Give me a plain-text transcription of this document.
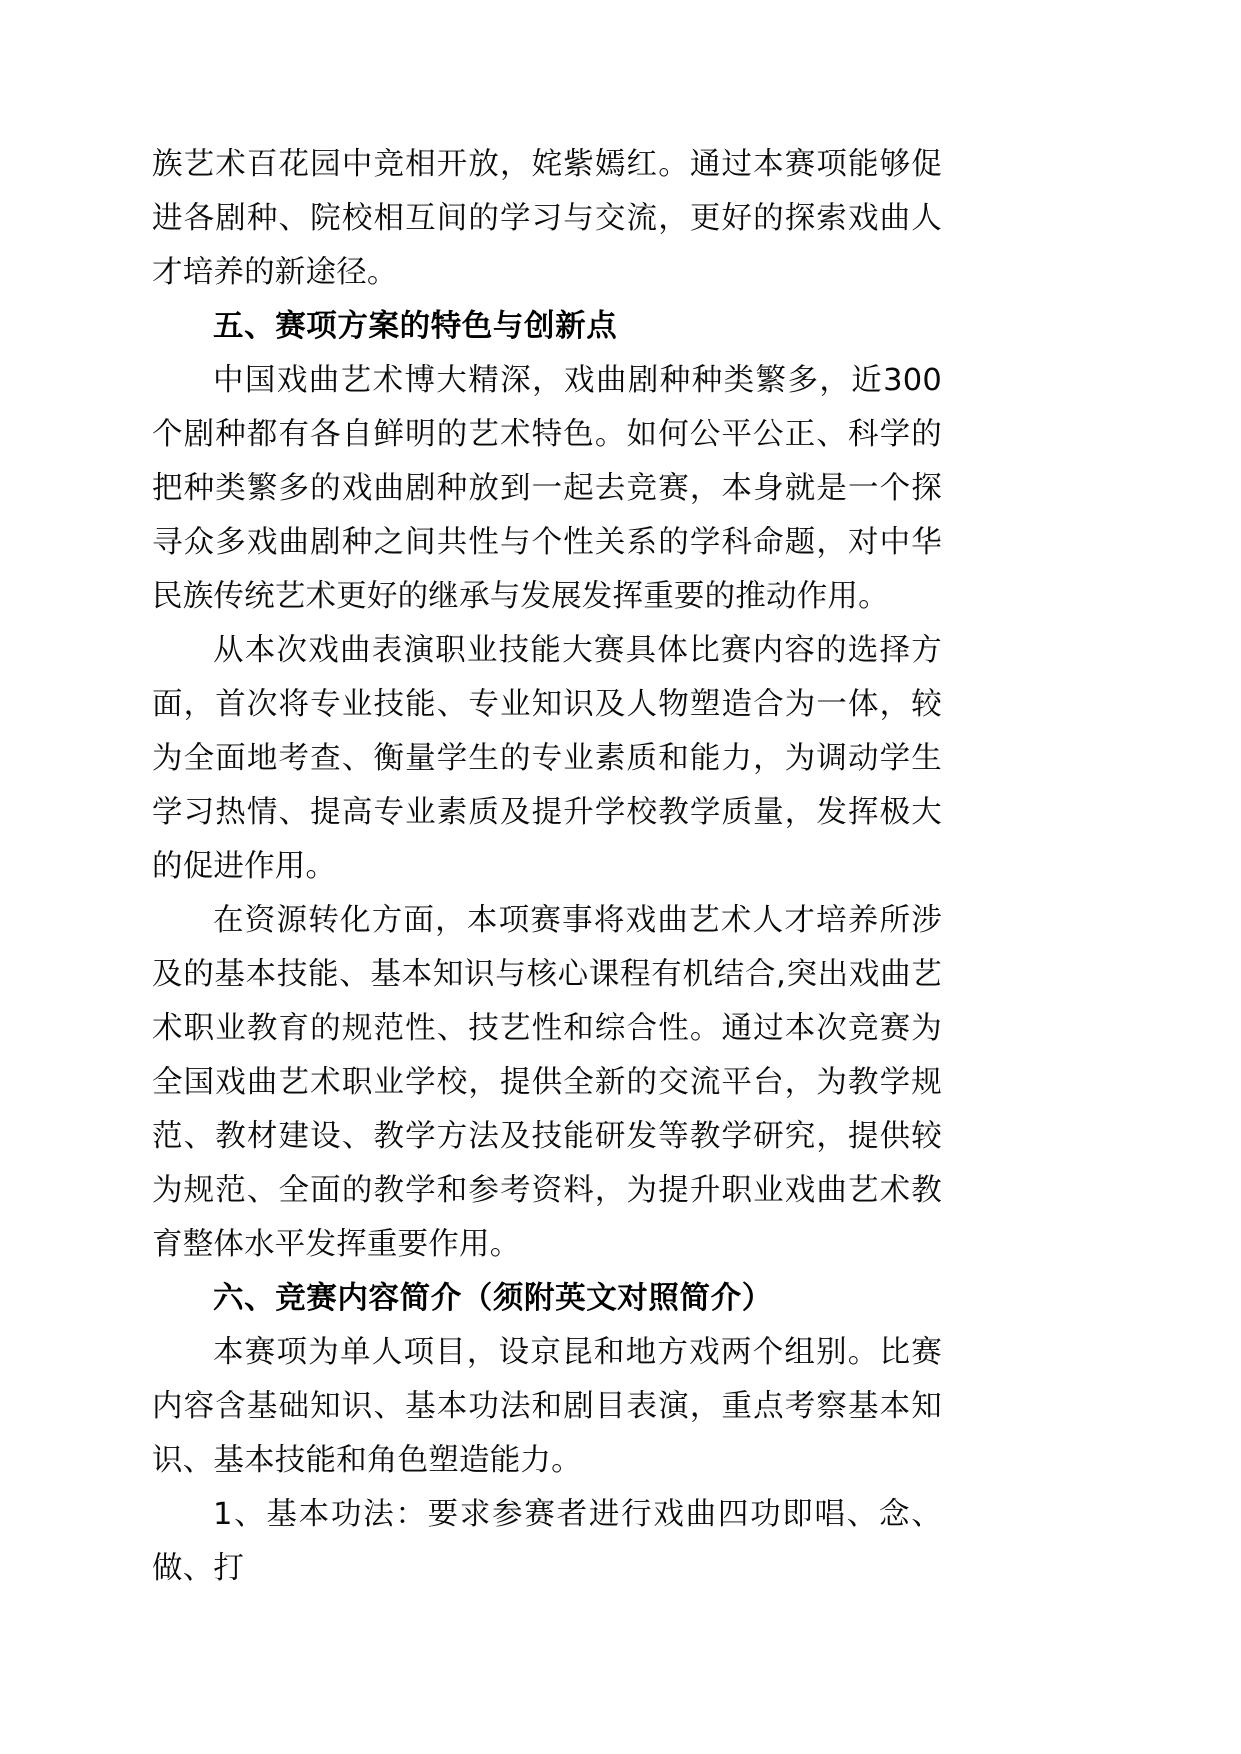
族艺术百花园中竞相开放，姹紫嫣红。通过本赛项能够促进各剧种、院校相互间的学习与交流，更好的探索戏曲人才培养的新途径。

五、赛项方案的特色与创新点

中国戏曲艺术博大精深，戏曲剧种种类繁多，近300个剧种都有各自鲜明的艺术特色。如何公平公正、科学的把种类繁多的戏曲剧种放到一起去竞赛，本身就是一个探寻众多戏曲剧种之间共性与个性关系的学科命题，对中华民族传统艺术更好的继承与发展发挥重要的推动作用。

从本次戏曲表演职业技能大赛具体比赛内容的选择方面，首次将专业技能、专业知识及人物塑造合为一体，较为全面地考查、衡量学生的专业素质和能力，为调动学生学习热情、提高专业素质及提升学校教学质量，发挥极大的促进作用。

在资源转化方面，本项赛事将戏曲艺术人才培养所涉及的基本技能、基本知识与核心课程有机结合,突出戏曲艺术职业教育的规范性、技艺性和综合性。通过本次竞赛为全国戏曲艺术职业学校，提供全新的交流平台，为教学规范、教材建设、教学方法及技能研发等教学研究，提供较为规范、全面的教学和参考资料，为提升职业戏曲艺术教育整体水平发挥重要作用。

六、竞赛内容简介（须附英文对照简介）

本赛项为单人项目，设京昆和地方戏两个组别。比赛内容含基础知识、基本功法和剧目表演，重点考察基本知识、基本技能和角色塑造能力。

1、基本功法：要求参赛者进行戏曲四功即唱、念、做、打
